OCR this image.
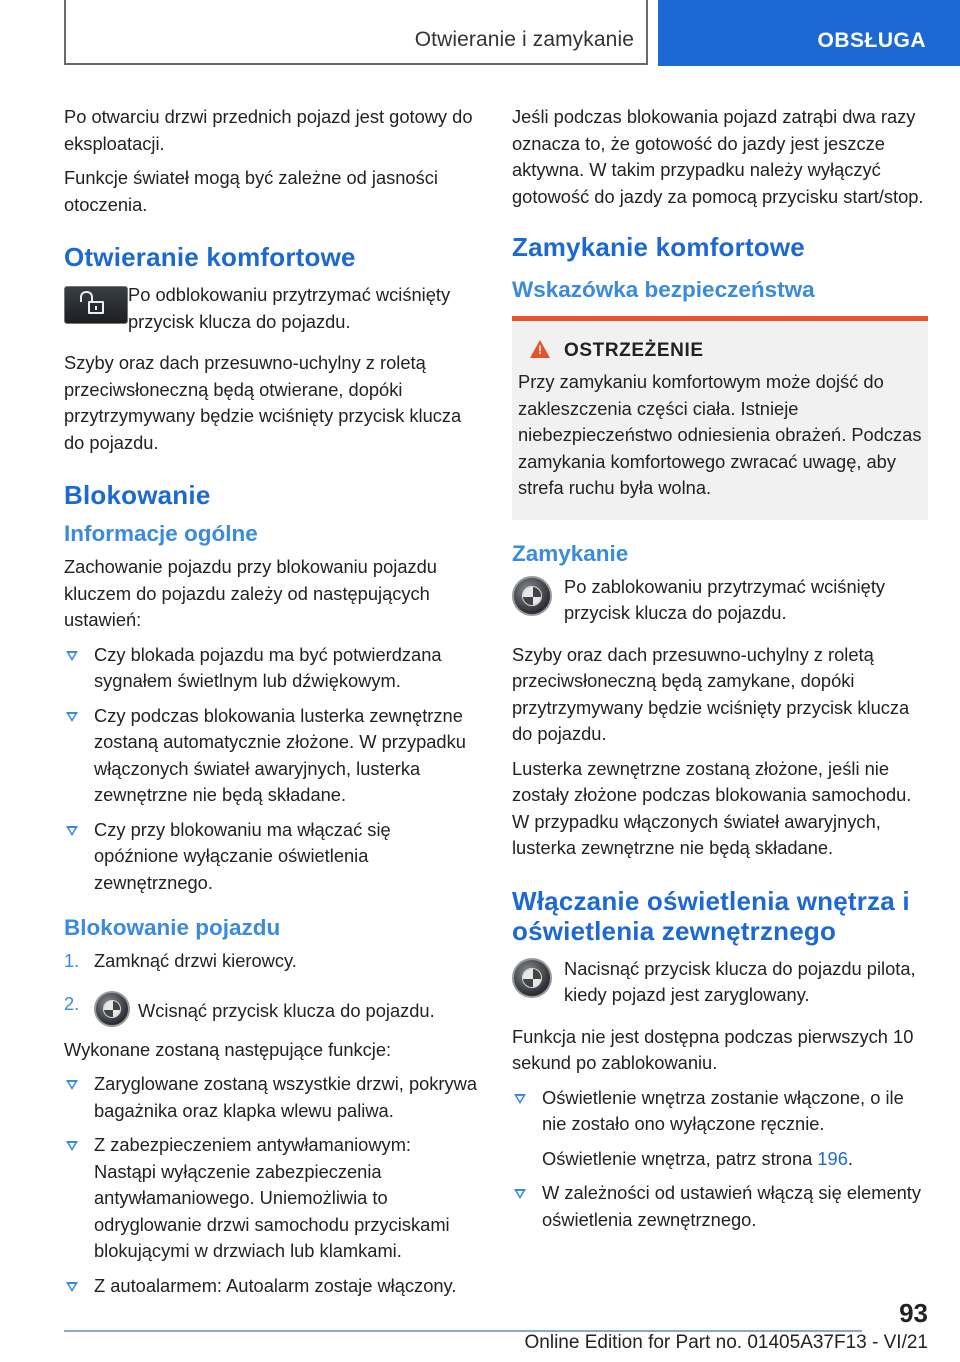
Otwieranie i zamykanie	OBSŁUGA

Po otwarciu drzwi przednich pojazd jest gotowy do eksploatacji.

Funkcje świateł mogą być zależne od jasności otoczenia.

Otwieranie komfortowe

Po odblokowaniu przytrzymać wciśnięty przycisk klucza do pojazdu.

Szyby oraz dach przesuwno-uchylny z roletą przeciwsłoneczną będą otwierane, dopóki przytrzymywany będzie wciśnięty przycisk klucza do pojazdu.

Blokowanie
Informacje ogólne

Zachowanie pojazdu przy blokowaniu pojazdu kluczem do pojazdu zależy od następujących ustawień:

Czy blokada pojazdu ma być potwierdzana sygnałem świetlnym lub dźwiękowym.
Czy podczas blokowania lusterka zewnętrzne zostaną automatycznie złożone. W przypadku włączonych świateł awaryjnych, lusterka zewnętrzne nie będą składane.
Czy przy blokowaniu ma włączać się opóźnione wyłączanie oświetlenia zewnętrznego.
Blokowanie pojazdu
1. Zamknąć drzwi kierowcy.
2.	Wcisnąć przycisk klucza do pojazdu.

Wykonane zostaną następujące funkcje:

Zaryglowane zostaną wszystkie drzwi, pokrywa bagażnika oraz klapka wlewu paliwa.
Z zabezpieczeniem antywłamaniowym: Nastąpi wyłączenie zabezpieczenia antywłamaniowego. Uniemożliwia to odryglowanie drzwi samochodu przyciskami blokującymi w drzwiach lub klamkami.
Z autoalarmem: Autoalarm zostaje włączony.

Jeśli podczas blokowania pojazd zatrąbi dwa razy oznacza to, że gotowość do jazdy jest jeszcze aktywna. W takim przypadku należy wyłączyć gotowość do jazdy za pomocą przycisku start/stop.

Zamykanie komfortowe
Wskazówka bezpieczeństwa
!
OSTRZEŻENIE

Przy zamykaniu komfortowym może dojść do zakleszczenia części ciała. Istnieje niebezpieczeństwo odniesienia obrażeń. Podczas zamykania komfortowego zwracać uwagę, aby strefa ruchu była wolna.

Zamykanie

Po zablokowaniu przytrzymać wciśnięty przycisk klucza do pojazdu.

Szyby oraz dach przesuwno-uchylny z roletą przeciwsłoneczną będą zamykane, dopóki przytrzymywany będzie wciśnięty przycisk klucza do pojazdu.

Lusterka zewnętrzne zostaną złożone, jeśli nie zostały złożone podczas blokowania samochodu. W przypadku włączonych świateł awaryjnych, lusterka zewnętrzne nie będą składane.

Włączanie oświetlenia wnętrza i oświetlenia zewnętrznego

Nacisnąć przycisk klucza do pojazdu pilota, kiedy pojazd jest zaryglowany.

Funkcja nie jest dostępna podczas pierwszych 10 sekund po zablokowaniu.

Oświetlenie wnętrza zostanie włączone, o ile nie zostało ono wyłączone ręcznie.
Oświetlenie wnętrza, patrz strona 196.
W zależności od ustawień włączą się elementy oświetlenia zewnętrznego.
93
Online Edition for Part no. 01405A37F13 - VI/21
